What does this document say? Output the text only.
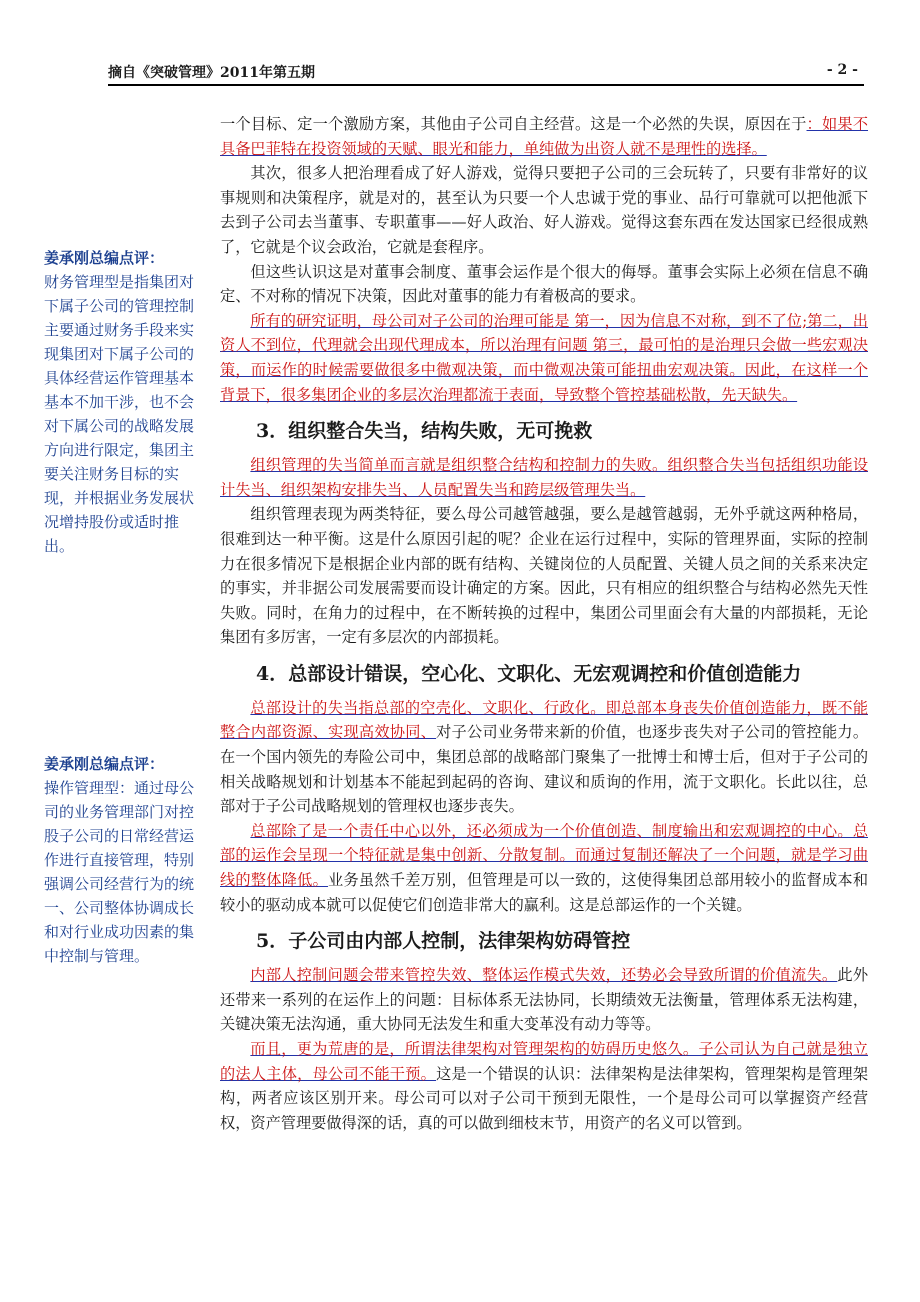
摘自《突破管理》2011年第五期	- 2 -
姜承刚总编点评：
财务管理型是指集团对下属子公司的管理控制主要通过财务手段来实现集团对下属子公司的具体经营运作管理基本基本不加干涉，也不会对下属公司的战略发展方向进行限定，集团主要关注财务目标的实现，并根据业务发展状况增持股份或适时推出。
姜承刚总编点评：
操作管理型：通过母公司的业务管理部门对控股子公司的日常经营运作进行直接管理，特别强调公司经营行为的统一、公司整体协调成长和对行业成功因素的集中控制与管理。

一个目标、定一个激励方案，其他由子公司自主经营。这是一个必然的失误，原因在于：如果不具备巴菲特在投资领域的天赋、眼光和能力，单纯做为出资人就不是理性的选择。

其次，很多人把治理看成了好人游戏，觉得只要把子公司的三会玩转了，只要有非常好的议事规则和决策程序，就是对的，甚至认为只要一个人忠诚于党的事业、品行可靠就可以把他派下去到子公司去当董事、专职董事——好人政治、好人游戏。觉得这套东西在发达国家已经很成熟了，它就是个议会政治，它就是套程序。

但这些认识这是对董事会制度、董事会运作是个很大的侮辱。董事会实际上必须在信息不确定、不对称的情况下决策，因此对董事的能力有着极高的要求。

所有的研究证明，母公司对子公司的治理可能是 第一，因为信息不对称，到不了位;第二，出资人不到位，代理就会出现代理成本，所以治理有问题 第三，最可怕的是治理只会做一些宏观决策，而运作的时候需要做很多中微观决策，而中微观决策可能扭曲宏观决策。因此，在这样一个背景下，很多集团企业的多层次治理都流于表面，导致整个管控基础松散，先天缺失。

3．组织整合失当，结构失败，无可挽救

组织管理的失当简单而言就是组织整合结构和控制力的失败。组织整合失当包括组织功能设计失当、组织架构安排失当、人员配置失当和跨层级管理失当。

组织管理表现为两类特征，要么母公司越管越强，要么是越管越弱，无外乎就这两种格局，很难到达一种平衡。这是什么原因引起的呢？企业在运行过程中，实际的管理界面，实际的控制力在很多情况下是根据企业内部的既有结构、关键岗位的人员配置、关键人员之间的关系来决定的事实，并非据公司发展需要而设计确定的方案。因此，只有相应的组织整合与结构必然先天性失败。同时，在角力的过程中，在不断转换的过程中，集团公司里面会有大量的内部损耗，无论集团有多厉害，一定有多层次的内部损耗。

4．总部设计错误，空心化、文职化、无宏观调控和价值创造能力

总部设计的失当指总部的空壳化、文职化、行政化。即总部本身丧失价值创造能力，既不能整合内部资源、实现高效协同、对子公司业务带来新的价值，也逐步丧失对子公司的管控能力。在一个国内领先的寿险公司中，集团总部的战略部门聚集了一批博士和博士后，但对于子公司的相关战略规划和计划基本不能起到起码的咨询、建议和质询的作用，流于文职化。长此以往，总部对于子公司战略规划的管理权也逐步丧失。

总部除了是一个责任中心以外，还必须成为一个价值创造、制度输出和宏观调控的中心。总部的运作会呈现一个特征就是集中创新、分散复制。而通过复制还解决了一个问题，就是学习曲线的整体降低。业务虽然千差万别，但管理是可以一致的，这使得集团总部用较小的监督成本和较小的驱动成本就可以促使它们创造非常大的赢利。这是总部运作的一个关键。

5．子公司由内部人控制，法律架构妨碍管控

内部人控制问题会带来管控失效、整体运作模式失效，还势必会导致所谓的价值流失。此外还带来一系列的在运作上的问题：目标体系无法协同，长期绩效无法衡量，管理体系无法构建，关键决策无法沟通，重大协同无法发生和重大变革没有动力等等。

而且，更为荒唐的是，所谓法律架构对管理架构的妨碍历史悠久。子公司认为自己就是独立的法人主体，母公司不能干预。这是一个错误的认识：法律架构是法律架构，管理架构是管理架构，两者应该区别开来。母公司可以对子公司干预到无限性，一个是母公司可以掌握资产经营权，资产管理要做得深的话，真的可以做到细枝末节，用资产的名义可以管到。
